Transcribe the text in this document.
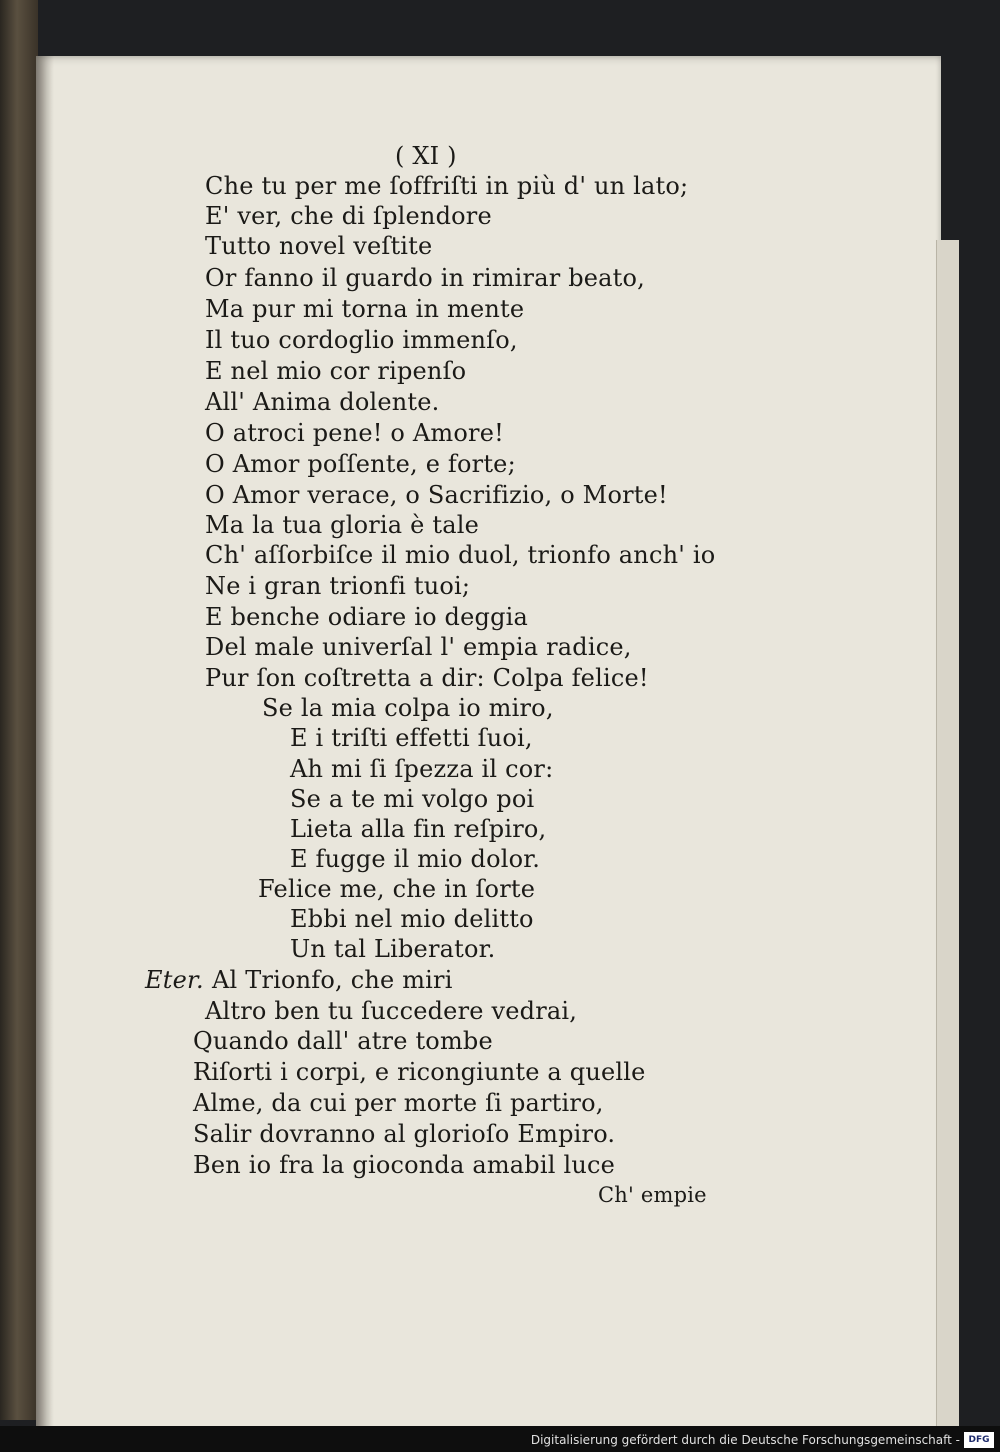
( XI )
Che tu per me ſoffriſti in più d' un lato;
E' ver, che di ſplendore
Tutto novel veſtite
Or fanno il guardo in rimirar beato,
Ma pur mi torna in mente
Il tuo cordoglio immenſo,
E nel mio cor ripenſo
All' Anima dolente.
O atroci pene! o Amore!
O Amor poſſente, e forte;
O Amor verace, o Sacrifizio, o Morte!
Ma la tua gloria è tale
Ch' aſſorbiſce il mio duol, trionfo anch' io
Ne i gran trionfi tuoi;
E benche odiare io deggia
Del male univerſal l' empia radice,
Pur ſon coſtretta a dir: Colpa felice!
Se la mia colpa io miro,
E i triſti effetti ſuoi,
Ah mi ſi ſpezza il cor:
Se a te mi volgo poi
Lieta alla fin reſpiro,
E fugge il mio dolor.
Felice me, che in ſorte
Ebbi nel mio delitto
Un tal Liberator.
Eter. Al Trionfo, che miri
Altro ben tu ſuccedere vedrai,
Quando dall' atre tombe
Riſorti i corpi, e ricongiunte a quelle
Alme, da cui per morte ſi partiro,
Salir dovranno al glorioſo Empiro.
Ben io fra la gioconda amabil luce
Ch' empie
Digitalisierung gefördert durch die Deutsche Forschungsgemeinschaft - DFG
